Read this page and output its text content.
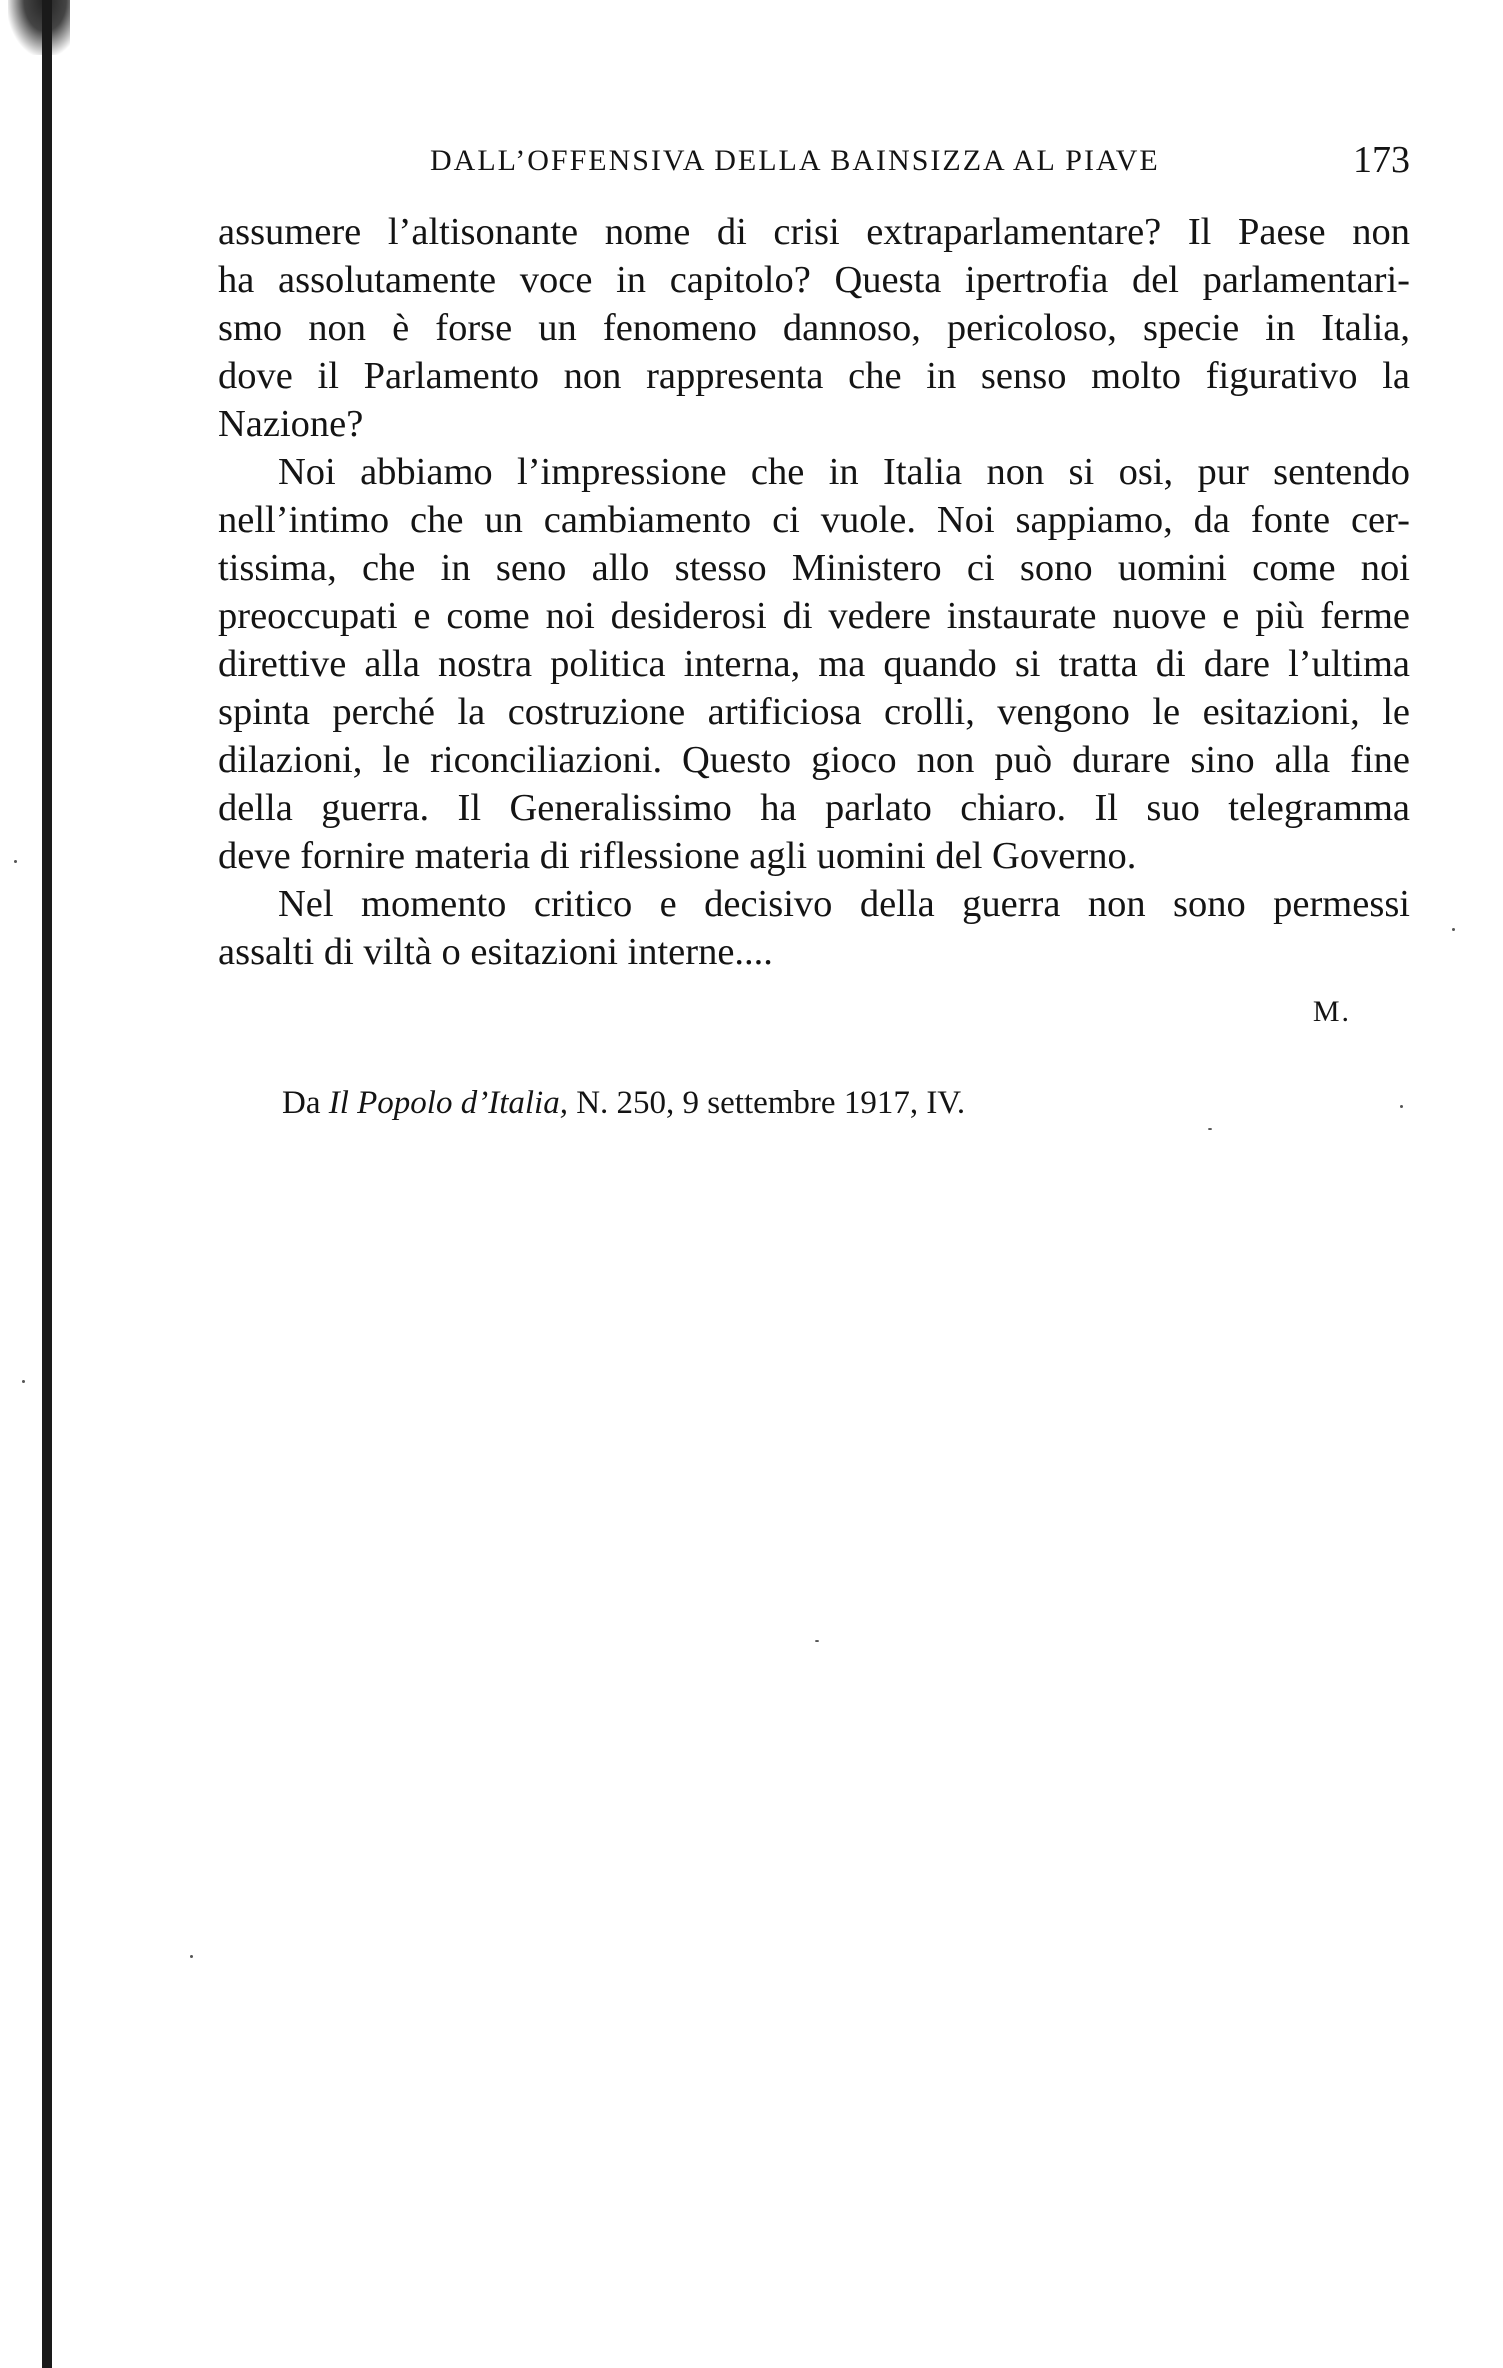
DALL’OFFENSIVA DELLA BAINSIZZA AL PIAVE	173
assumere l’altisonante nome di crisi extraparlamentare? Il Paese non
ha assolutamente voce in capitolo? Questa ipertrofia del parlamentari-
smo non è forse un fenomeno dannoso, pericoloso, specie in Italia,
dove il Parlamento non rappresenta che in senso molto figurativo la
Nazione?
Noi abbiamo l’impressione che in Italia non si osi, pur sentendo
nell’intimo che un cambiamento ci vuole. Noi sappiamo, da fonte cer-
tissima, che in seno allo stesso Ministero ci sono uomini come noi
preoccupati e come noi desiderosi di vedere instaurate nuove e più ferme
direttive alla nostra politica interna, ma quando si tratta di dare l’ultima
spinta perché la costruzione artificiosa crolli, vengono le esitazioni, le
dilazioni, le riconciliazioni. Questo gioco non può durare sino alla fine
della guerra. Il Generalissimo ha parlato chiaro. Il suo telegramma
deve fornire materia di riflessione agli uomini del Governo.
Nel momento critico e decisivo della guerra non sono permessi
assalti di viltà o esitazioni interne....
M.
Da Il Popolo d’Italia, N. 250, 9 settembre 1917, IV.
